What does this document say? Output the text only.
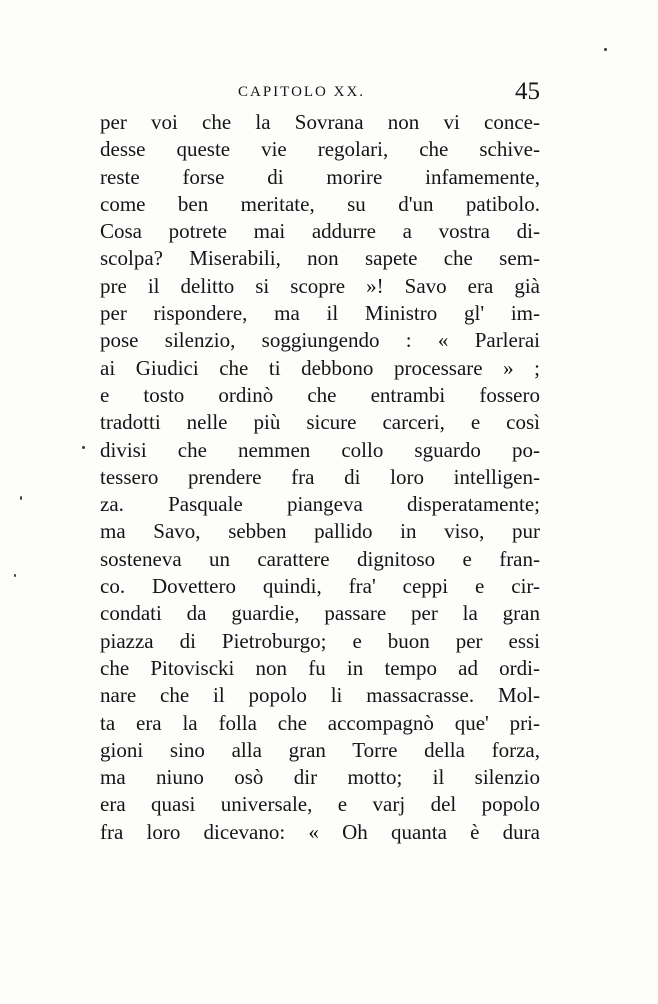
CAPITOLO XX.	45
per voi che la Sovrana non vi conce-
desse queste vie regolari, che schive-
reste forse di morire infamemente,
come ben meritate, su d'un patibolo.
Cosa potrete mai addurre a vostra di-
scolpa? Miserabili, non sapete che sem-
pre il delitto si scopre »! Savo era già
per rispondere, ma il Ministro gl' im-
pose silenzio, soggiungendo : « Parlerai
ai Giudici che ti debbono processare » ;
e tosto ordinò che entrambi fossero
tradotti nelle più sicure carceri, e così
divisi che nemmen collo sguardo po-
tessero prendere fra di loro intelligen-
za. Pasquale piangeva disperatamente;
ma Savo, sebben pallido in viso, pur
sosteneva un carattere dignitoso e fran-
co. Dovettero quindi, fra' ceppi e cir-
condati da guardie, passare per la gran
piazza di Pietroburgo; e buon per essi
che Pitoviscki non fu in tempo ad ordi-
nare che il popolo li massacrasse. Mol-
ta era la folla che accompagnò que' pri-
gioni sino alla gran Torre della forza,
ma niuno osò dir motto; il silenzio
era quasi universale, e varj del popolo
fra loro dicevano: « Oh quanta è dura
